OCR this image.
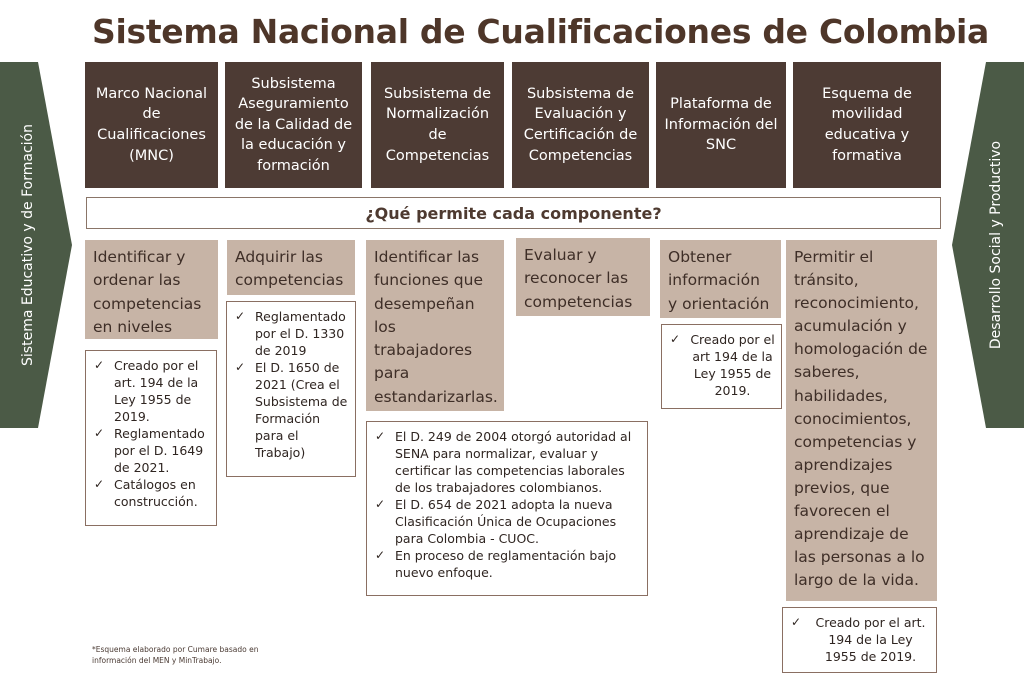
Sistema Nacional de Cualificaciones de Colombia
Sistema Educativo y de Formación	Desarrollo Social y Productivo
Marco Nacional de Cualificaciones (MNC)
Subsistema Aseguramiento de la Calidad de la educación y formación
Subsistema de Normalización de Competencias
Subsistema de Evaluación y Certificación de Competencias
Plataforma de Información del SNC
Esquema de movilidad educativa y formativa
¿Qué permite cada componente?
Identificar y ordenar las competencias en niveles
Adquirir las competencias
Identificar las funciones que desempeñan los trabajadores para estandarizarlas.
Evaluar y reconocer las competencias
Obtener información y orientación
Permitir el tránsito, reconocimiento, acumulación y homologación de saberes, habilidades, conocimientos, competencias y aprendizajes previos, que favorecen el aprendizaje de las personas a lo largo de la vida.
✓ Creado por el art. 194 de la Ley 1955 de 2019.
✓ Reglamentado por el D. 1649 de 2021.
✓ Catálogos en construcción.
✓ Reglamentado por el D. 1330 de 2019
✓ El D. 1650 de 2021 (Crea el Subsistema de Formación para el Trabajo)
✓ El D. 249 de 2004 otorgó autoridad al SENA para normalizar, evaluar y certificar las competencias laborales de los trabajadores colombianos.
✓ El D. 654 de 2021 adopta la nueva Clasificación Única de Ocupaciones para Colombia - CUOC.
✓ En proceso de reglamentación bajo nuevo enfoque.
✓ Creado por el art 194 de la Ley 1955 de 2019.
✓	Creado por el art. 194 de la Ley 1955 de 2019.
*Esquema elaborado por Cumare basado en información del MEN y MinTrabajo.
